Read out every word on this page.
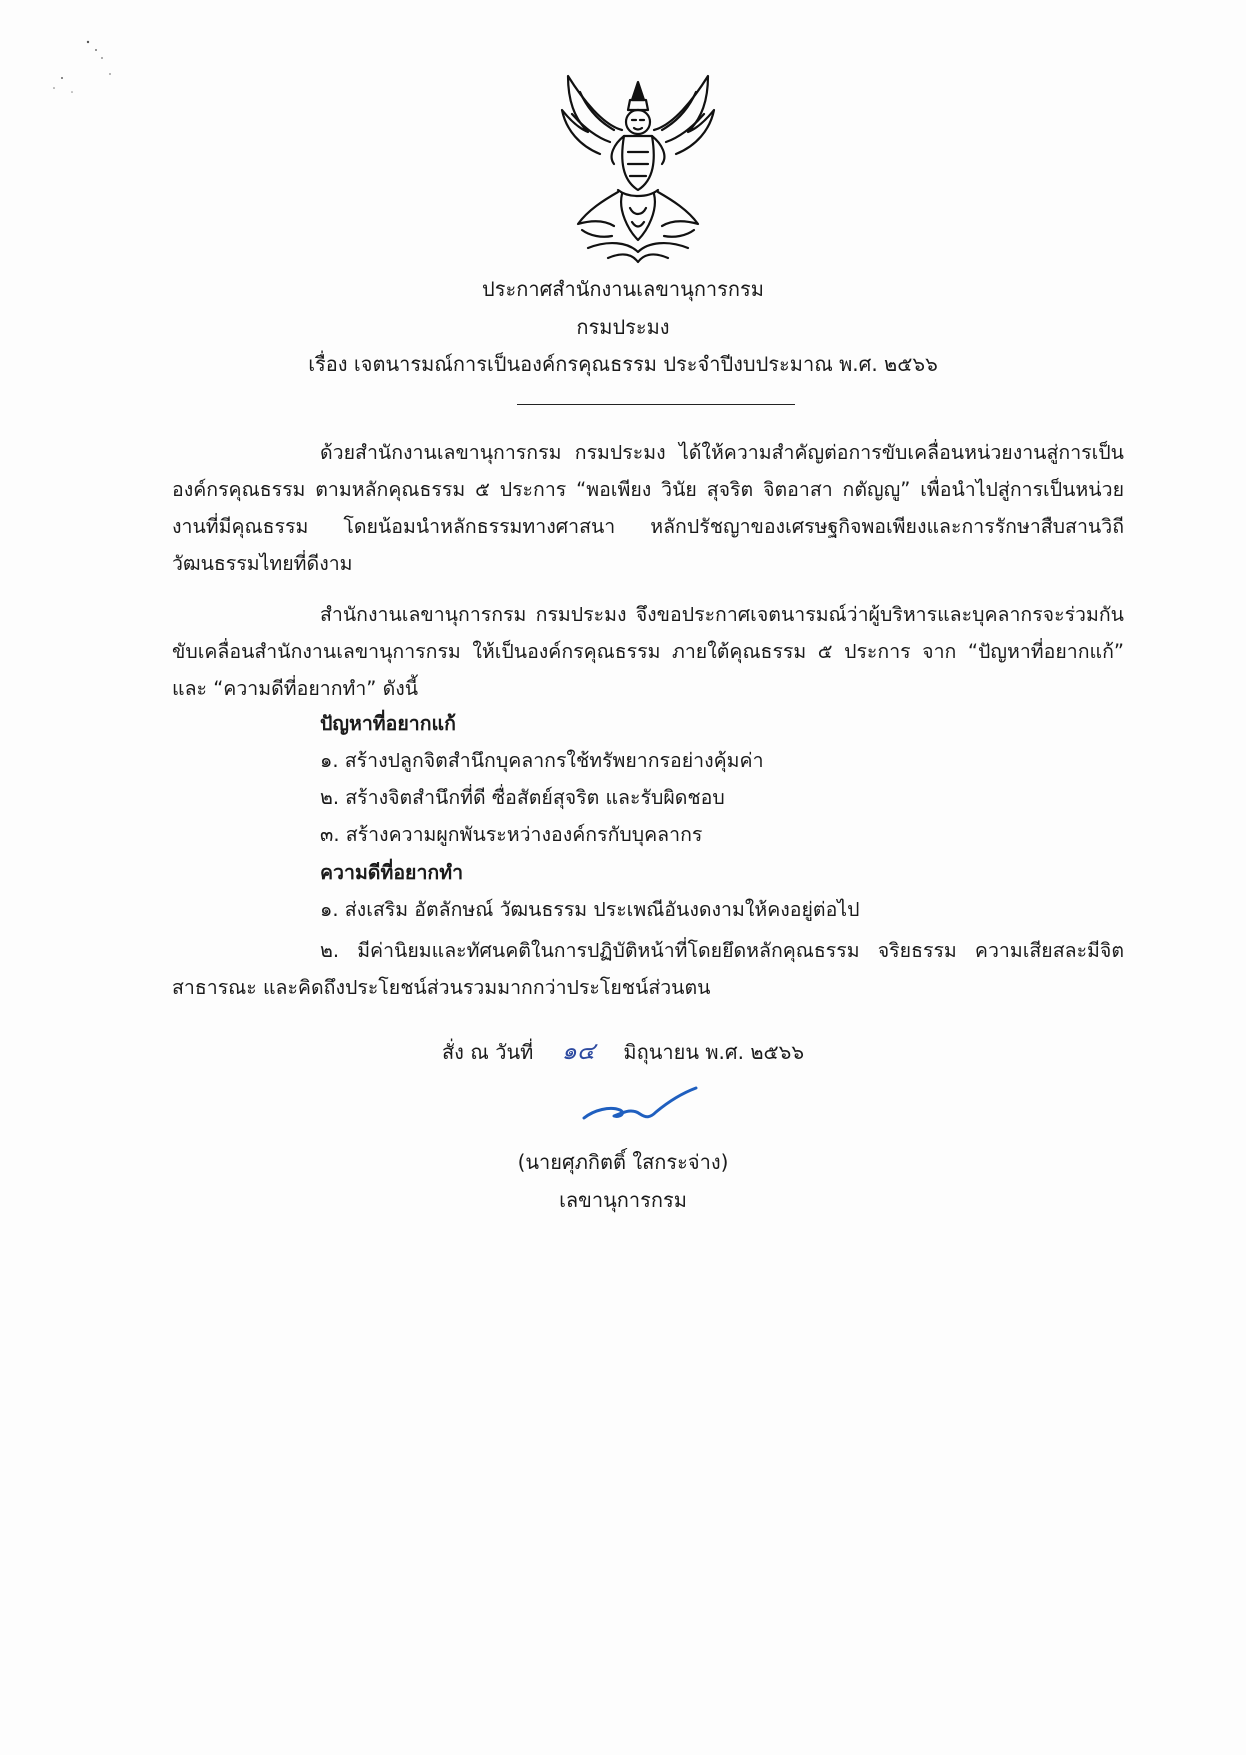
ประกาศสำนักงานเลขานุการกรม
กรมประมง
เรื่อง เจตนารมณ์การเป็นองค์กรคุณธรรม ประจำปีงบประมาณ พ.ศ. ๒๕๖๖
ด้วยสำนักงานเลขานุการกรม กรมประมง ได้ให้ความสำคัญต่อการขับเคลื่อนหน่วยงานสู่การเป็นองค์กรคุณธรรม ตามหลักคุณธรรม ๕ ประการ “พอเพียง วินัย สุจริต จิตอาสา กตัญญู” เพื่อนำไปสู่การเป็นหน่วยงานที่มีคุณธรรม โดยน้อมนำหลักธรรมทางศาสนา หลักปรัชญาของเศรษฐกิจพอเพียงและการรักษาสืบสานวิถีวัฒนธรรมไทยที่ดีงาม
สำนักงานเลขานุการกรม กรมประมง จึงขอประกาศเจตนารมณ์ว่าผู้บริหารและบุคลากรจะร่วมกันขับเคลื่อนสำนักงานเลขานุการกรม ให้เป็นองค์กรคุณธรรม ภายใต้คุณธรรม ๕ ประการ จาก “ปัญหาที่อยากแก้” และ “ความดีที่อยากทำ” ดังนี้
ปัญหาที่อยากแก้
๑. สร้างปลูกจิตสำนึกบุคลากรใช้ทรัพยากรอย่างคุ้มค่า
๒. สร้างจิตสำนึกที่ดี ซื่อสัตย์สุจริต และรับผิดชอบ
๓. สร้างความผูกพันระหว่างองค์กรกับบุคลากร
ความดีที่อยากทำ
๑. ส่งเสริม อัตลักษณ์ วัฒนธรรม ประเพณีอันงดงามให้คงอยู่ต่อไป
๒. มีค่านิยมและทัศนคติในการปฏิบัติหน้าที่โดยยึดหลักคุณธรรม จริยธรรม ความเสียสละมีจิตสาธารณะ และคิดถึงประโยชน์ส่วนรวมมากกว่าประโยชน์ส่วนตน
สั่ง ณ วันที่ ๑๔ มิถุนายน พ.ศ. ๒๕๖๖
(นายศุภกิตติ์ ใสกระจ่าง)
เลขานุการกรม
